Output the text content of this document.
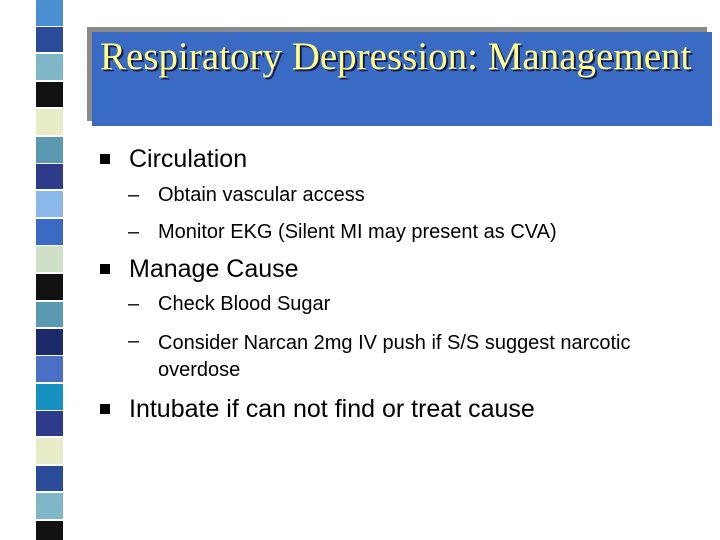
Respiratory Depression: Management
Circulation
– Obtain vascular access
– Monitor EKG (Silent MI may present as CVA)
Manage Cause
– Check Blood Sugar
– Consider Narcan 2mg IV push if S/S suggest narcotic overdose
Intubate if can not find or treat cause
